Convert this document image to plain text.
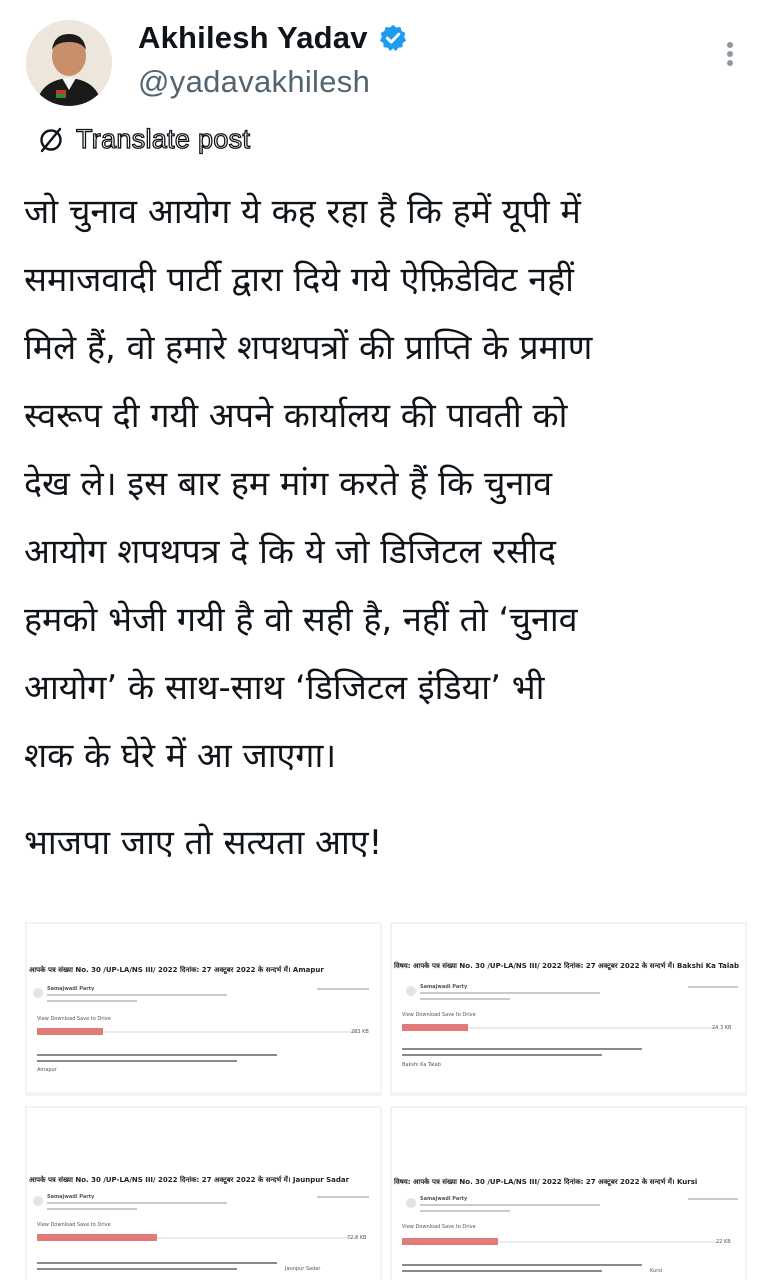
Akhilesh Yadav
@yadavakhilesh
Translate post
जो चुनाव आयोग ये कह रहा है कि हमें यूपी में
समाजवादी पार्टी द्वारा दिये गये ऐफ़िडेविट नहीं
मिले हैं, वो हमारे शपथपत्रों की प्राप्ति के प्रमाण
स्वरूप दी गयी अपने कार्यालय की पावती को
देख ले। इस बार हम मांग करते हैं कि चुनाव
आयोग शपथपत्र दे कि ये जो डिजिटल रसीद
हमको भेजी गयी है वो सही है, नहीं तो ‘चुनाव
आयोग’ के साथ-साथ ‘डिजिटल इंडिया’ भी
शक के घेरे में आ जाएगा।
भाजपा जाए तो सत्यता आए!
आपके पत्र संख्या No. 30 /UP-LA/NS III/ 2022 दिनांक: 27 अक्टूबर 2022 के सन्दर्भ में। Amapur
Samajwadi Party
View Download Save to Drive
283 KB
Amapur
विषय: आपके पत्र संख्या No. 30 /UP-LA/NS III/ 2022 दिनांक: 27 अक्टूबर 2022 के सन्दर्भ में। Bakshi Ka Talab
Samajwadi Party
View Download Save to Drive
24.3 KB
Bakshi Ka Talab
आपके पत्र संख्या No. 30 /UP-LA/NS III/ 2022 दिनांक: 27 अक्टूबर 2022 के सन्दर्भ में। Jaunpur Sadar
Samajwadi Party
View Download Save to Drive
72.8 KB
Jaunpur Sadar
विषय: आपके पत्र संख्या No. 30 /UP-LA/NS III/ 2022 दिनांक: 27 अक्टूबर 2022 के सन्दर्भ में। Kursi
Samajwadi Party
View Download Save to Drive
22 KB
Kursi
